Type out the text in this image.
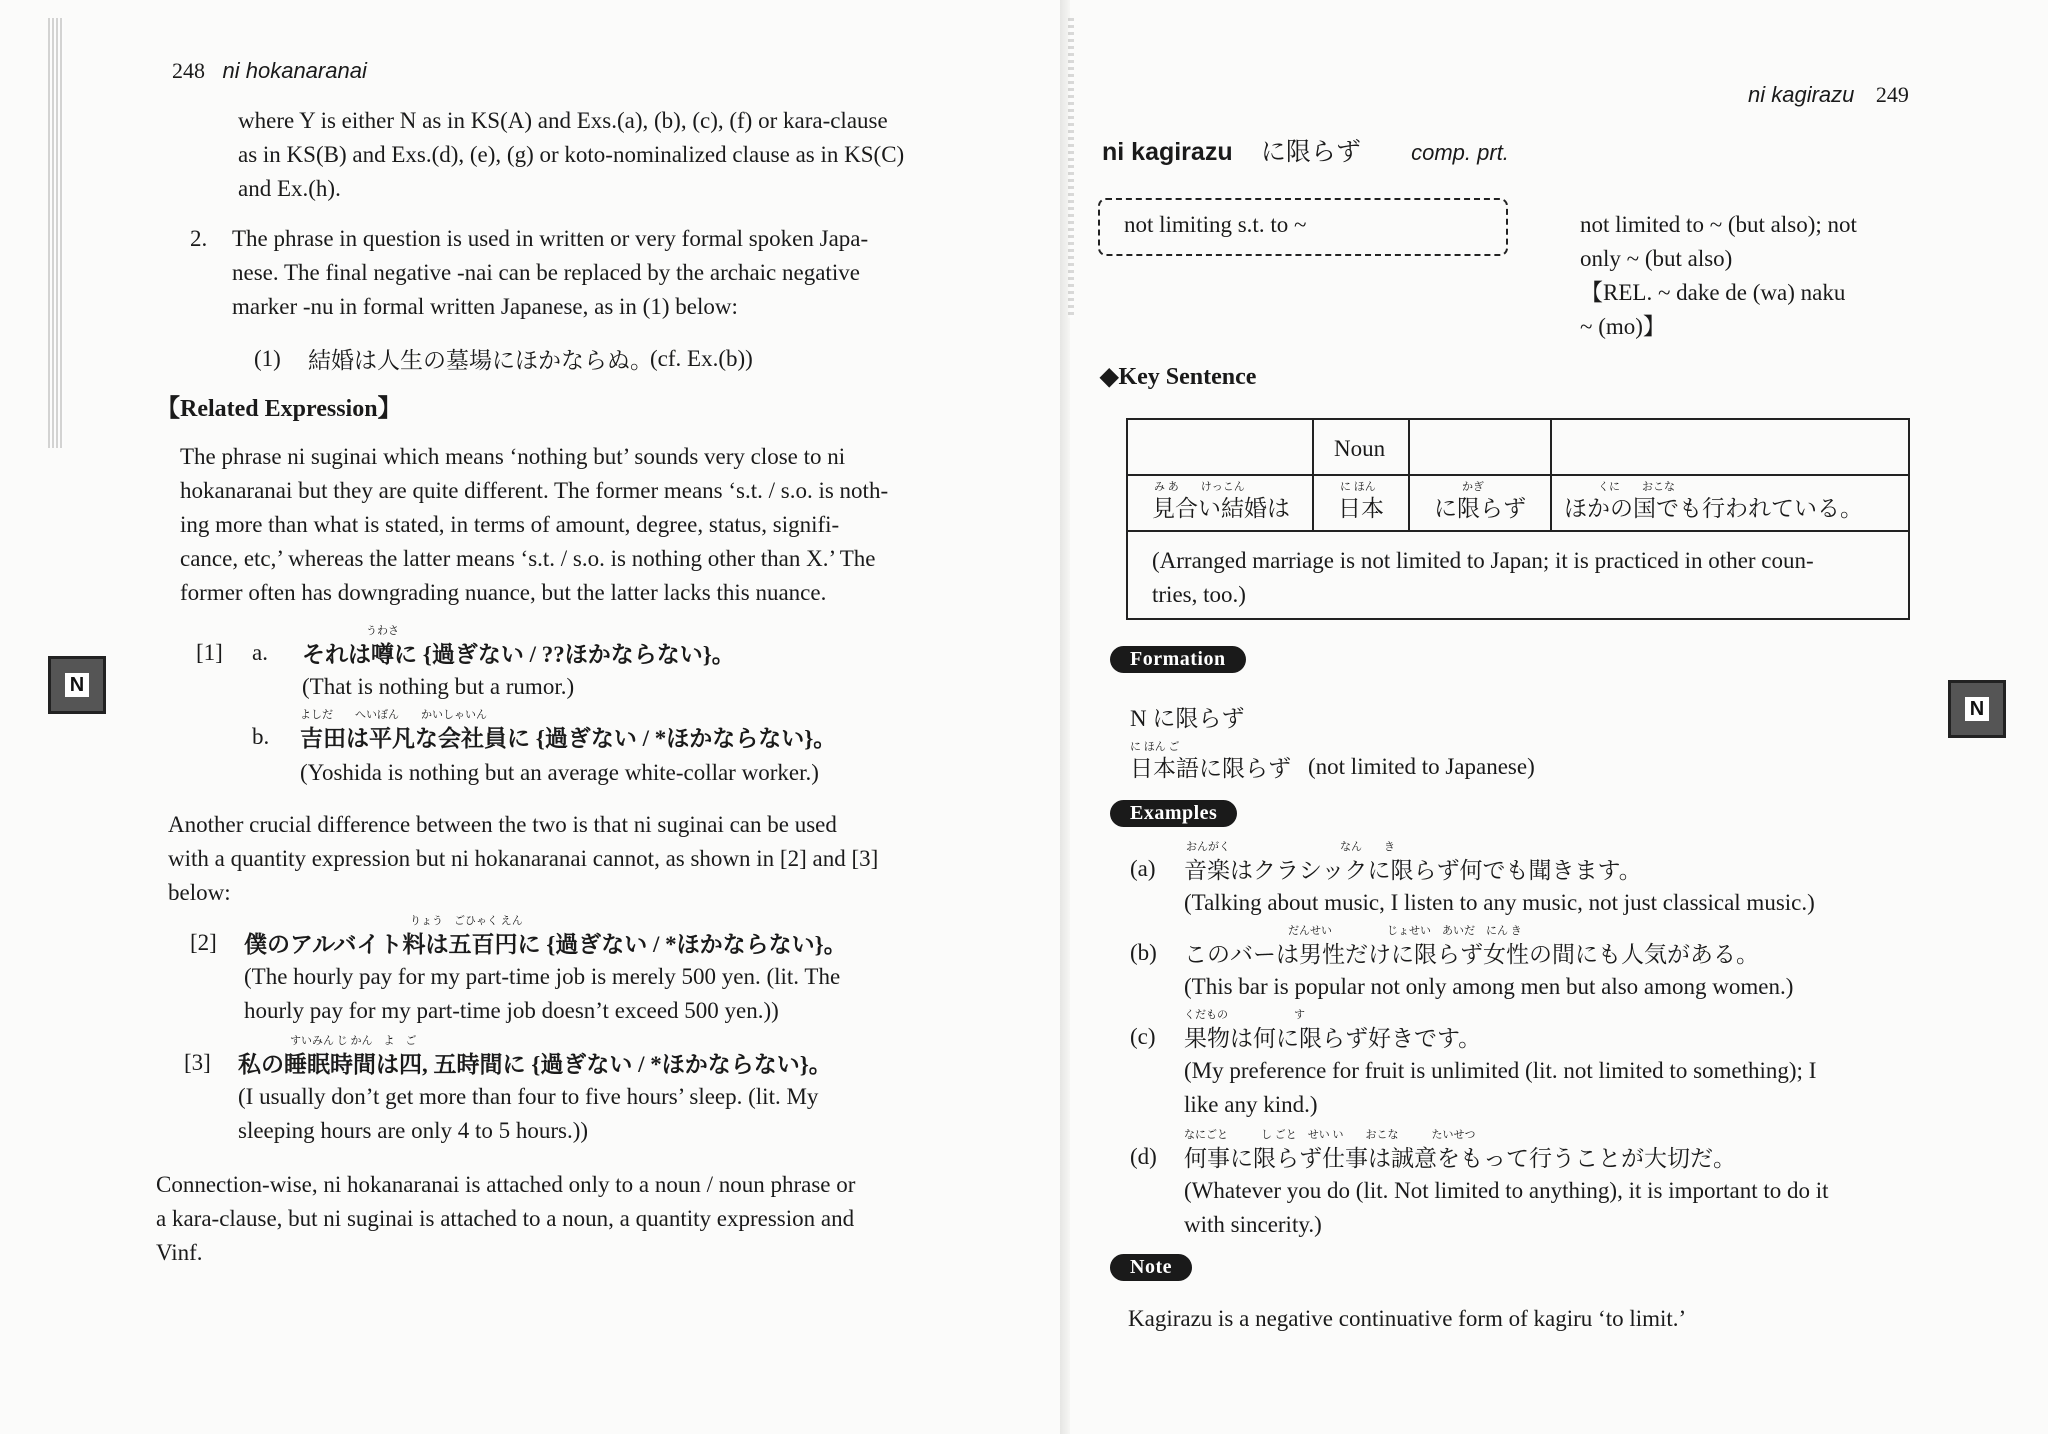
248 ni hokanaranai
where Y is either N as in KS(A) and Exs.(a), (b), (c), (f) or kara-clause
as in KS(B) and Exs.(d), (e), (g) or koto-nominalized clause as in KS(C)
and Ex.(h).
2. The phrase in question is used in written or very formal spoken Japa-
nese. The final negative -nai can be replaced by the archaic negative
marker -nu in formal written Japanese, as in (1) below:
(1) 結婚は人生の墓場にほかならぬ。
(cf. Ex.(b))
【Related Expression】
The phrase ni suginai which means ‘nothing but’ sounds very close to ni
hokanaranai but they are quite different. The former means ‘s.t. / s.o. is noth-
ing more than what is stated, in terms of amount, degree, status, signifi-
cance, etc,’ whereas the latter means ‘s.t. / s.o. is nothing other than X.’ The
former often has downgrading nuance, but the latter lacks this nuance.
[1] a.
うわさ
それは噂に {過ぎない / ??ほかならない}。
(That is nothing but a rumor.)
b.
よしだ　　へいぼん　　かいしゃいん
吉田は平凡な会社員に {過ぎない / *ほかならない}。
(Yoshida is nothing but an average white-collar worker.)
Another crucial difference between the two is that ni suginai can be used
with a quantity expression but ni hokanaranai cannot, as shown in [2] and [3]
below:
[2]
りょう　ごひゃく えん
僕のアルバイト料は五百円に {過ぎない / *ほかならない}。
(The hourly pay for my part-time job is merely 500 yen. (lit. The
hourly pay for my part-time job doesn’t exceed 500 yen.))
[3]
すいみん じ かん　よ　ご
私の睡眠時間は四, 五時間に {過ぎない / *ほかならない}。
(I usually don’t get more than four to five hours’ sleep. (lit. My
sleeping hours are only 4 to 5 hours.))
Connection-wise, ni hokanaranai is attached only to a noun / noun phrase or
a kara-clause, but ni suginai is attached to a noun, a quantity expression and
Vinf.
N
ni kagirazu 249
ni kagirazu に限らず comp. prt.
not limiting s.t. to ~	not limited to ~ (but also); not
only ~ (but also)
【REL. ~ dake de (wa) naku
~ (mo)】
◆Key Sentence
Noun
み あ　　けっこん
見合い結婚は
に ほん
日本
かぎ
に限らず
くに　　おこな
ほかの国でも行われている。
(Arranged marriage is not limited to Japan; it is practiced in other coun-
tries, too.)
Formation
N に限らず
に ほん ご
日本語に限らず (not limited to Japanese)
Examples
(a)
おんがく　　　　　　　　　　なん　　き
音楽はクラシックに限らず何でも聞きます。
(Talking about music, I listen to any music, not just classical music.)
(b)
だんせい　　　　　じょせい　あいだ　にん き
このバーは男性だけに限らず女性の間にも人気がある。
(This bar is popular not only among men but also among women.)
(c)
くだもの　　　　　　す
果物は何に限らず好きです。
(My preference for fruit is unlimited (lit. not limited to something); I
like any kind.)
(d)
なにごと　　　し ごと　せい い　　おこな　　　たいせつ
何事に限らず仕事は誠意をもって行うことが大切だ。
(Whatever you do (lit. Not limited to anything), it is important to do it
with sincerity.)
Note
Kagirazu is a negative continuative form of kagiru ‘to limit.’
N
